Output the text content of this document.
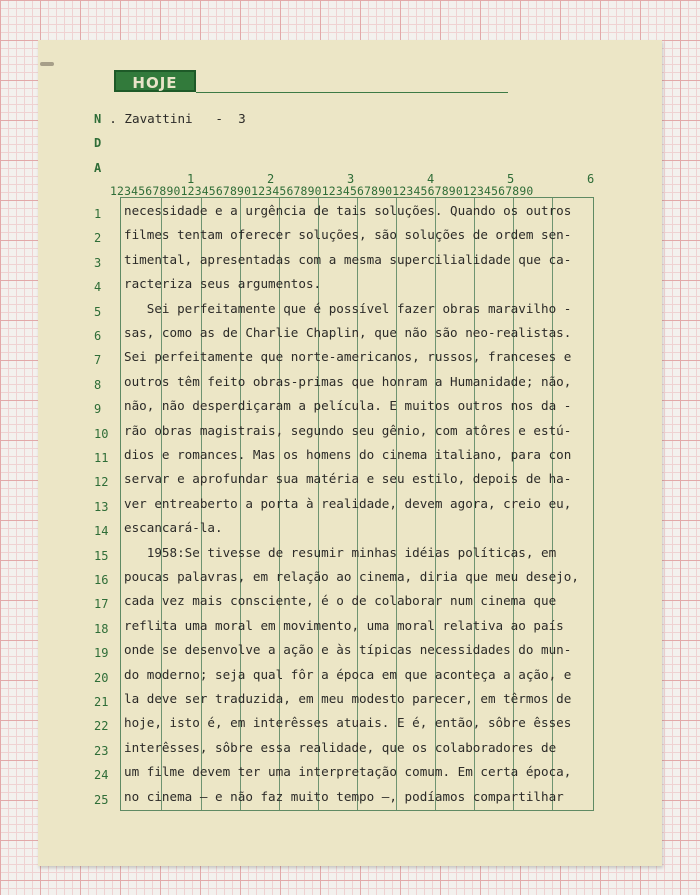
HOJE
N . Zavattini   -  3
D
A
1	2	3	4	5	6
123456789012345678901234567890123456789012345678901234567890
1
2
3
4
5
6
7
8
9
10
11
12
13
14
15
16
17
18
19
20
21
22
23
24
25
necessidade e a urgência de tais soluções. Quando os outros
filmes tentam oferecer soluções, são soluções de ordem sen-
timental, apresentadas com a mesma supercilialidade que ca-
racteriza seus argumentos.
Sei perfeitamente que é possível fazer obras maravilho -
sas, como as de Charlie Chaplin, que não são neo-realistas.
Sei perfeitamente que norte-americanos, russos, franceses e
outros têm feito obras-primas que honram a Humanidade; não,
não, não desperdiçaram a película. E muitos outros nos da -
rão obras magistrais, segundo seu gênio, com atôres e estú-
dios e romances. Mas os homens do cinema italiano, para con
servar e aprofundar sua matéria e seu estilo, depois de ha-
ver entreaberto a porta à realidade, devem agora, creio eu,
escancará-la.
1958:Se tivesse de resumir minhas idéias políticas, em
poucas palavras, em relação ao cinema, diria que meu desejo,
cada vez mais consciente, é o de colaborar num cinema que
reflita uma moral em movimento, uma moral relativa ao país
onde se desenvolve a ação e às típicas necessidades do mun-
do moderno; seja qual fôr a época em que aconteça a ação, e
la deve ser traduzida, em meu modesto parecer, em têrmos de
hoje, isto é, em interêsses atuais. E é, então, sôbre êsses
interêsses, sôbre essa realidade, que os colaboradores de
um filme devem ter uma interpretação comum. Em certa época,
no cinema — e não faz muito tempo —, podíamos compartilhar
